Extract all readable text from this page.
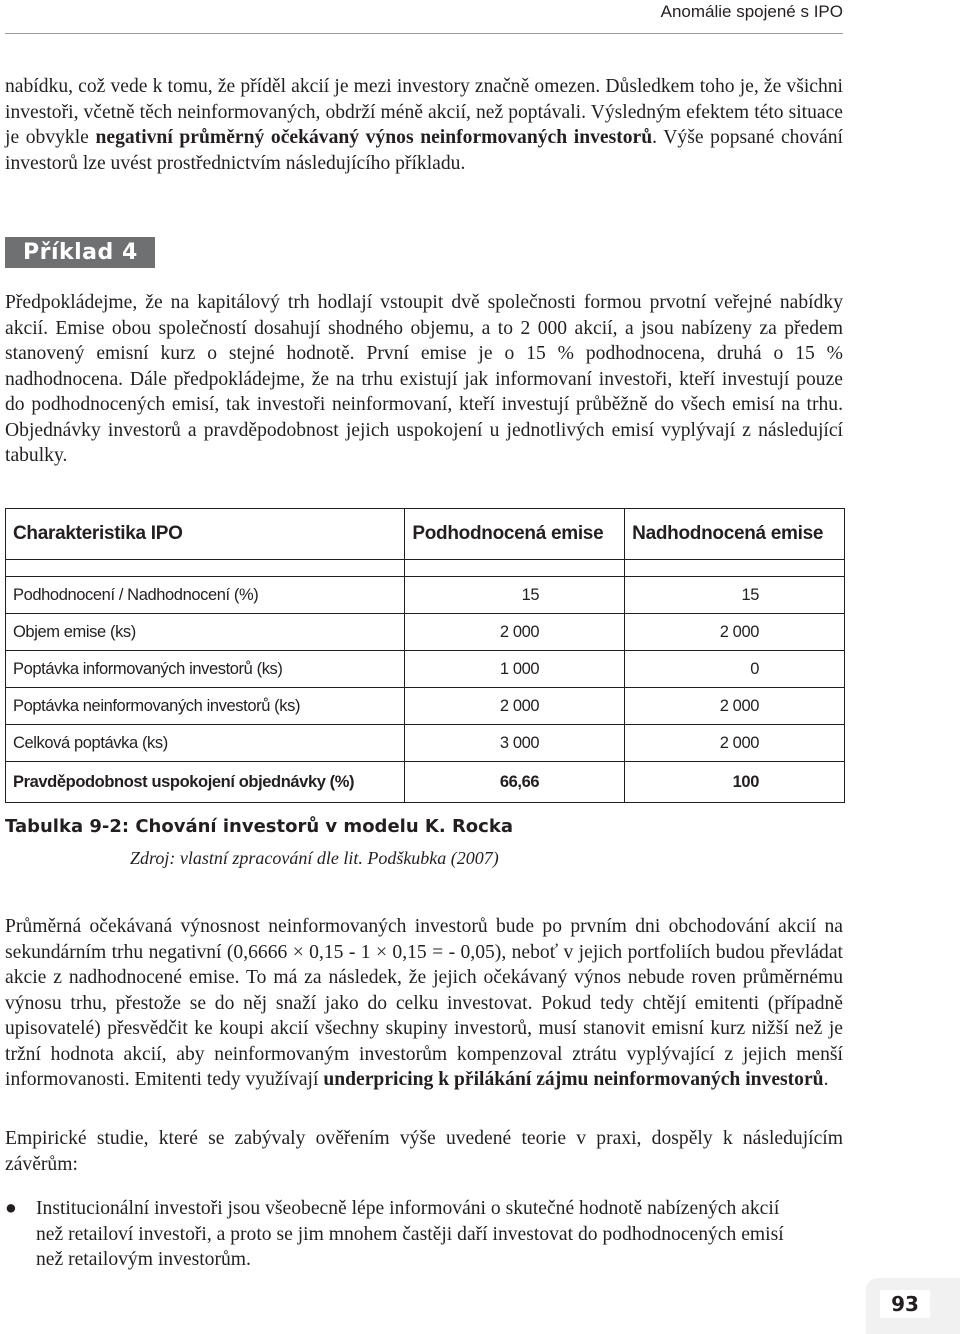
Anomálie spojené s IPO

nabídku, což vede k tomu, že příděl akcií je mezi investory značně omezen. Důsledkem toho je, že všichni investoři, včetně těch neinformovaných, obdrží méně akcií, než poptávali. Výsledným efektem této situace je obvykle negativní průměrný očekávaný výnos neinformovaných investorů. Výše popsané chování investorů lze uvést prostřednictvím následujícího příkladu.

Příklad 4

Předpokládejme, že na kapitálový trh hodlají vstoupit dvě společnosti formou prvotní veřejné nabídky akcií. Emise obou společností dosahují shodného objemu, a to 2 000 akcií, a jsou nabízeny za předem stanovený emisní kurz o stejné hodnotě. První emise je o 15 % podhodnocena, druhá o 15 % nadhodnocena. Dále předpokládejme, že na trhu existují jak informovaní investoři, kteří investují pouze do podhodnocených emisí, tak investoři neinformovaní, kteří investují průběžně do všech emisí na trhu. Objednávky investorů a pravděpodobnost jejich uspokojení u jednotlivých emisí vyplývají z následující tabulky.

Charakteristika IPO	Podhodnocená emise	Nadhodnocená emise

Podhodnocení / Nadhodnocení (%)	15	15
Objem emise (ks)	2 000	2 000
Poptávka informovaných investorů (ks)	1 000	0
Poptávka neinformovaných investorů (ks)	2 000	2 000
Celková poptávka (ks)	3 000	2 000
Pravděpodobnost uspokojení objednávky (%)	66,66	100
Tabulka 9-2: Chování investorů v modelu K. Rocka
Zdroj: vlastní zpracování dle lit. Podškubka (2007)

Průměrná očekávaná výnosnost neinformovaných investorů bude po prvním dni obchodování akcií na sekundárním trhu negativní (0,6666 × 0,15 - 1 × 0,15 = - 0,05), neboť v jejich portfoliích budou převládat akcie z nadhodnocené emise. To má za následek, že jejich očekávaný výnos nebude roven průměrnému výnosu trhu, přestože se do něj snaží jako do celku investovat. Pokud tedy chtějí emitenti (případně upisovatelé) přesvědčit ke koupi akcií všechny skupiny investorů, musí stanovit emisní kurz nižší než je tržní hodnota akcií, aby neinformovaným investorům kompenzoval ztrátu vyplývající z jejich menší informovanosti. Emitenti tedy využívají underpricing k přilákání zájmu neinformovaných investorů.

Empirické studie, které se zabývaly ověřením výše uvedené teorie v praxi, dospěly k následujícím závěrům:

● Institucionální investoři jsou všeobecně lépe informováni o skutečné hodnotě nabízených akcií než retailoví investoři, a proto se jim mnohem častěji daří investovat do podhodnocených emisí než retailovým investorům.
93
